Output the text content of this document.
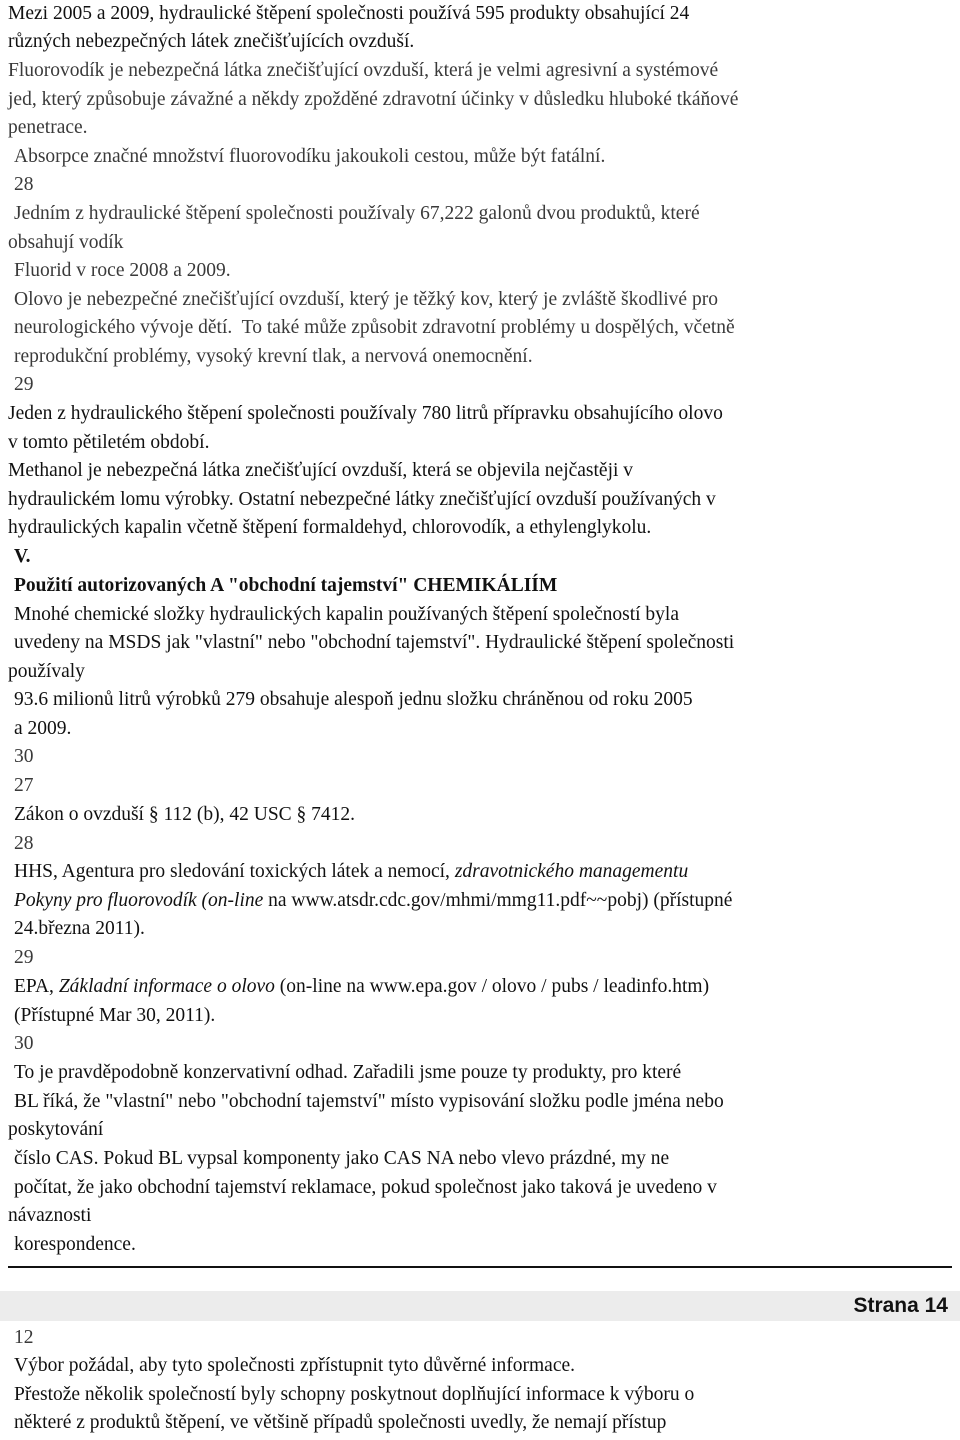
Mezi 2005 a 2009, hydraulické štěpení společnosti používá 595 produkty obsahující 24
různých nebezpečných látek znečišťujících ovzduší.
Fluorovodík je nebezpečná látka znečišťující ovzduší, která je velmi agresivní a systémové
jed, který způsobuje závažné a někdy zpožděné zdravotní účinky v důsledku hluboké tkáňové
penetrace.
Absorpce značné množství fluorovodíku jakoukoli cestou, může být fatální.
28
Jedním z hydraulické štěpení společnosti používaly 67,222 galonů dvou produktů, které
obsahují vodík
Fluorid v roce 2008 a 2009.
Olovo je nebezpečné znečišťující ovzduší, který je těžký kov, který je zvláště škodlivé pro
neurologického vývoje dětí. To také může způsobit zdravotní problémy u dospělých, včetně
reprodukční problémy, vysoký krevní tlak, a nervová onemocnění.
29
Jeden z hydraulického štěpení společnosti používaly 780 litrů přípravku obsahujícího olovo
v tomto pětiletém období.
Methanol je nebezpečná látka znečišťující ovzduší, která se objevila nejčastěji v
hydraulickém lomu výrobky. Ostatní nebezpečné látky znečišťující ovzduší používaných v
hydraulických kapalin včetně štěpení formaldehyd, chlorovodík, a ethylenglykolu.
V.
Použití autorizovaných A "obchodní tajemství" CHEMIKÁLIÍM
Mnohé chemické složky hydraulických kapalin používaných štěpení společností byla
uvedeny na MSDS jak "vlastní" nebo "obchodní tajemství". Hydraulické štěpení společnosti
používaly
93.6 milionů litrů výrobků 279 obsahuje alespoň jednu složku chráněnou od roku 2005
a 2009.
30
27
Zákon o ovzduší § 112 (b), 42 USC § 7412.
28
HHS, Agentura pro sledování toxických látek a nemocí, zdravotnického managementu
Pokyny pro fluorovodík (on-line na www.atsdr.cdc.gov/mhmi/mmg11.pdf~~pobj) (přístupné
24.března 2011).
29
EPA, Základní informace o olovo (on-line na www.epa.gov / olovo / pubs / leadinfo.htm)
(Přístupné Mar 30, 2011).
30
To je pravděpodobně konzervativní odhad. Zařadili jsme pouze ty produkty, pro které
BL říká, že "vlastní" nebo "obchodní tajemství" místo vypisování složku podle jména nebo
poskytování
číslo CAS. Pokud BL vypsal komponenty jako CAS NA nebo vlevo prázdné, my ne
počítat, že jako obchodní tajemství reklamace, pokud společnost jako taková je uvedeno v
návaznosti
korespondence.
Strana 14
12
Výbor požádal, aby tyto společnosti zpřístupnit tyto důvěrné informace.
Přestože několik společností byly schopny poskytnout doplňující informace k výboru o
některé z produktů štěpení, ve většině případů společnosti uvedly, že nemají přístup
